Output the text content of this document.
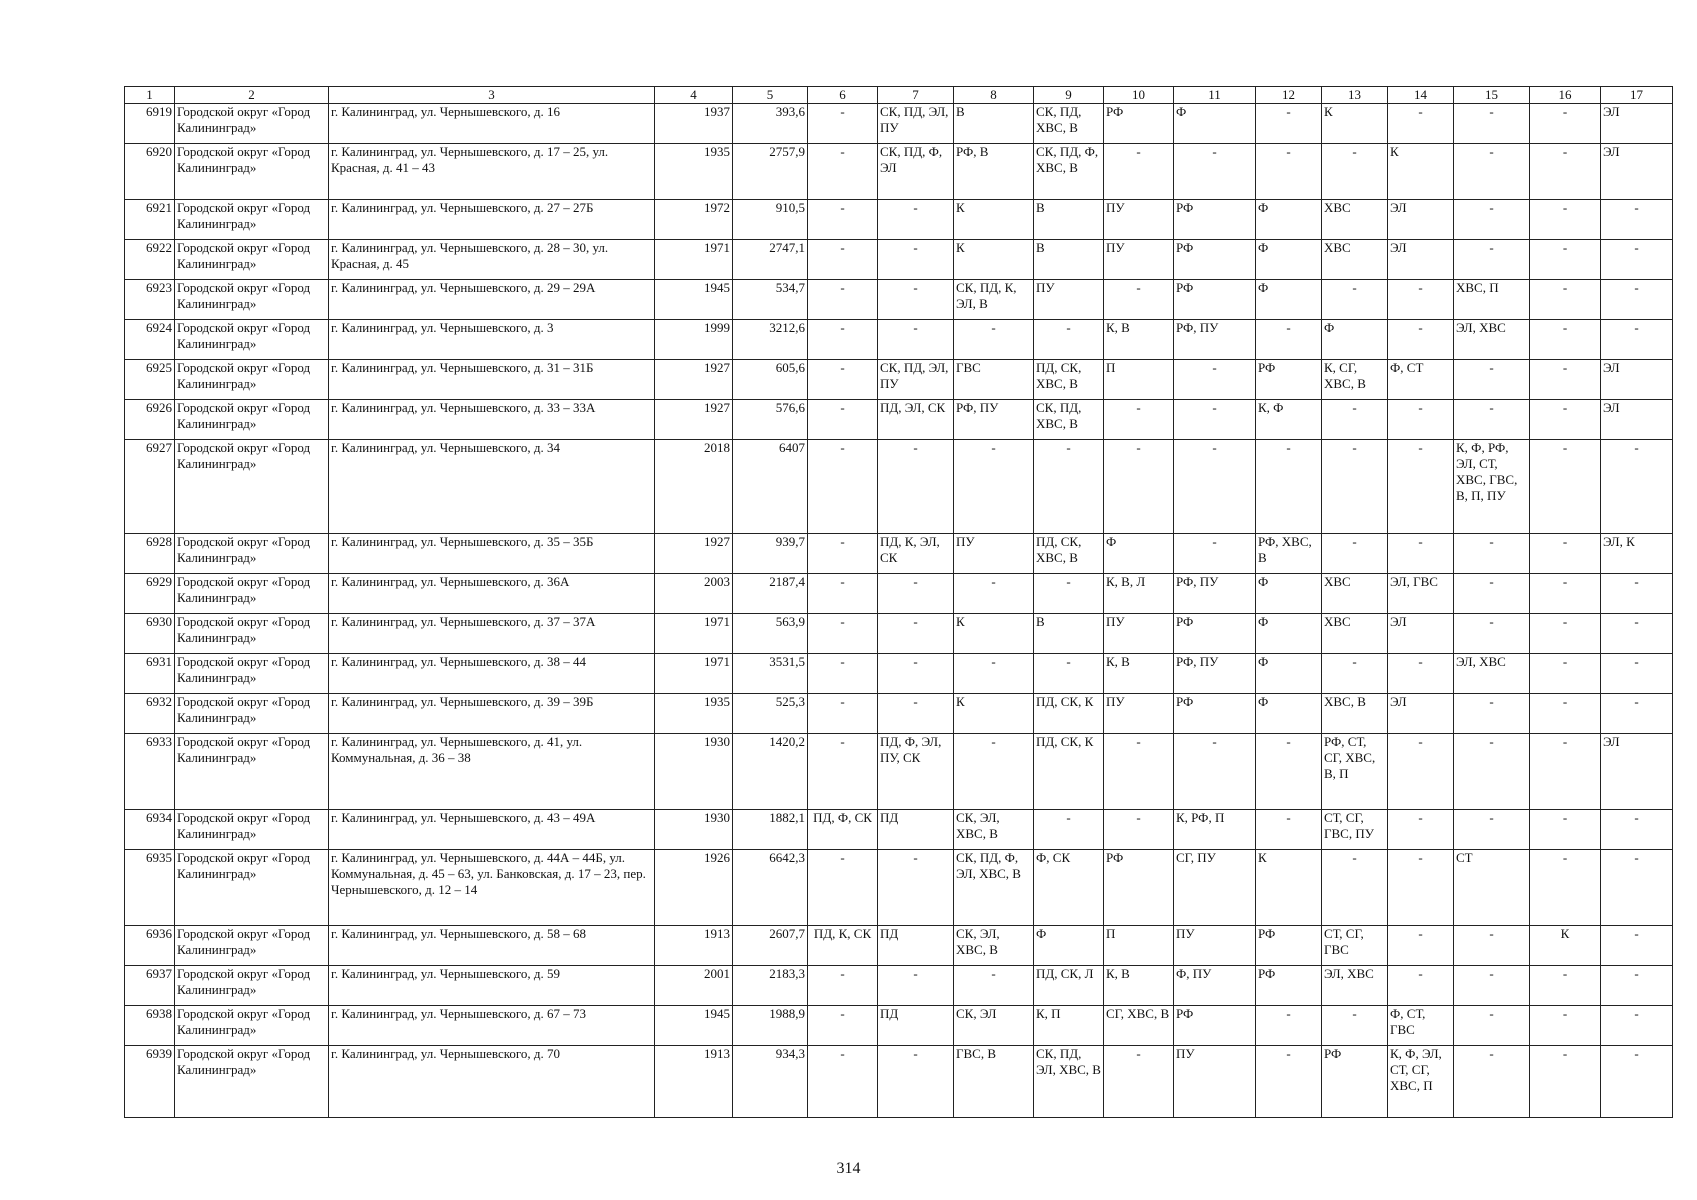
1	2	3	4	5	6	7	8	9	10	11	12	13	14	15	16	17
6919	Городской округ «Город Калининград»	г. Калининград, ул. Чернышевского, д. 16	1937	393,6	-	СК, ПД, ЭЛ, ПУ	В	СК, ПД, ХВС, В	РФ	Ф	-	К	-	-	-	ЭЛ
6920	Городской округ «Город Калининград»	г. Калининград, ул. Чернышевского, д. 17 – 25, ул. Красная, д. 41 – 43	1935	2757,9	-	СК, ПД, Ф, ЭЛ	РФ, В	СК, ПД, Ф, ХВС, В	-	-	-	-	К	-	-	ЭЛ
6921	Городской округ «Город Калининград»	г. Калининград, ул. Чернышевского, д. 27 – 27Б	1972	910,5	-	-	К	В	ПУ	РФ	Ф	ХВС	ЭЛ	-	-	-
6922	Городской округ «Город Калининград»	г. Калининград, ул. Чернышевского, д. 28 – 30, ул. Красная, д. 45	1971	2747,1	-	-	К	В	ПУ	РФ	Ф	ХВС	ЭЛ	-	-	-
6923	Городской округ «Город Калининград»	г. Калининград, ул. Чернышевского, д. 29 – 29А	1945	534,7	-	-	СК, ПД, К, ЭЛ, В	ПУ	-	РФ	Ф	-	-	ХВС, П	-	-
6924	Городской округ «Город Калининград»	г. Калининград, ул. Чернышевского, д. 3	1999	3212,6	-	-	-	-	К, В	РФ, ПУ	-	Ф	-	ЭЛ, ХВС	-	-
6925	Городской округ «Город Калининград»	г. Калининград, ул. Чернышевского, д. 31 – 31Б	1927	605,6	-	СК, ПД, ЭЛ, ПУ	ГВС	ПД, СК, ХВС, В	П	-	РФ	К, СГ, ХВС, В	Ф, СТ	-	-	ЭЛ
6926	Городской округ «Город Калининград»	г. Калининград, ул. Чернышевского, д. 33 – 33А	1927	576,6	-	ПД, ЭЛ, СК	РФ, ПУ	СК, ПД, ХВС, В	-	-	К, Ф	-	-	-	-	ЭЛ
6927	Городской округ «Город Калининград»	г. Калининград, ул. Чернышевского, д. 34	2018	6407	-	-	-	-	-	-	-	-	-	К, Ф, РФ, ЭЛ, СТ, ХВС, ГВС, В, П, ПУ	-	-
6928	Городской округ «Город Калининград»	г. Калининград, ул. Чернышевского, д. 35 – 35Б	1927	939,7	-	ПД, К, ЭЛ, СК	ПУ	ПД, СК, ХВС, В	Ф	-	РФ, ХВС, В	-	-	-	-	ЭЛ, К
6929	Городской округ «Город Калининград»	г. Калининград, ул. Чернышевского, д. 36А	2003	2187,4	-	-	-	-	К, В, Л	РФ, ПУ	Ф	ХВС	ЭЛ, ГВС	-	-	-
6930	Городской округ «Город Калининград»	г. Калининград, ул. Чернышевского, д. 37 – 37А	1971	563,9	-	-	К	В	ПУ	РФ	Ф	ХВС	ЭЛ	-	-	-
6931	Городской округ «Город Калининград»	г. Калининград, ул. Чернышевского, д. 38 – 44	1971	3531,5	-	-	-	-	К, В	РФ, ПУ	Ф	-	-	ЭЛ, ХВС	-	-
6932	Городской округ «Город Калининград»	г. Калининград, ул. Чернышевского, д. 39 – 39Б	1935	525,3	-	-	К	ПД, СК, К	ПУ	РФ	Ф	ХВС, В	ЭЛ	-	-	-
6933	Городской округ «Город Калининград»	г. Калининград, ул. Чернышевского, д. 41, ул. Коммунальная, д. 36 – 38	1930	1420,2	-	ПД, Ф, ЭЛ, ПУ, СК	-	ПД, СК, К	-	-	-	РФ, СТ, СГ, ХВС, В, П	-	-	-	ЭЛ
6934	Городской округ «Город Калининград»	г. Калининград, ул. Чернышевского, д. 43 – 49А	1930	1882,1	ПД, Ф, СК	ПД	СК, ЭЛ, ХВС, В	-	-	К, РФ, П	-	СТ, СГ, ГВС, ПУ	-	-	-	-
6935	Городской округ «Город Калининград»	г. Калининград, ул. Чернышевского, д. 44А – 44Б, ул. Коммунальная, д. 45 – 63, ул. Банковская, д. 17 – 23, пер. Чернышевского, д. 12 – 14	1926	6642,3	-	-	СК, ПД, Ф, ЭЛ, ХВС, В	Ф, СК	РФ	СГ, ПУ	К	-	-	СТ	-	-
6936	Городской округ «Город Калининград»	г. Калининград, ул. Чернышевского, д. 58 – 68	1913	2607,7	ПД, К, СК	ПД	СК, ЭЛ, ХВС, В	Ф	П	ПУ	РФ	СТ, СГ, ГВС	-	-	К	-
6937	Городской округ «Город Калининград»	г. Калининград, ул. Чернышевского, д. 59	2001	2183,3	-	-	-	ПД, СК, Л	К, В	Ф, ПУ	РФ	ЭЛ, ХВС	-	-	-	-
6938	Городской округ «Город Калининград»	г. Калининград, ул. Чернышевского, д. 67 – 73	1945	1988,9	-	ПД	СК, ЭЛ	К, П	СГ, ХВС, В	РФ	-	-	Ф, СТ, ГВС	-	-	-
6939	Городской округ «Город Калининград»	г. Калининград, ул. Чернышевского, д. 70	1913	934,3	-	-	ГВС, В	СК, ПД, ЭЛ, ХВС, В	-	ПУ	-	РФ	К, Ф, ЭЛ, СТ, СГ, ХВС, П	-	-	-
314
